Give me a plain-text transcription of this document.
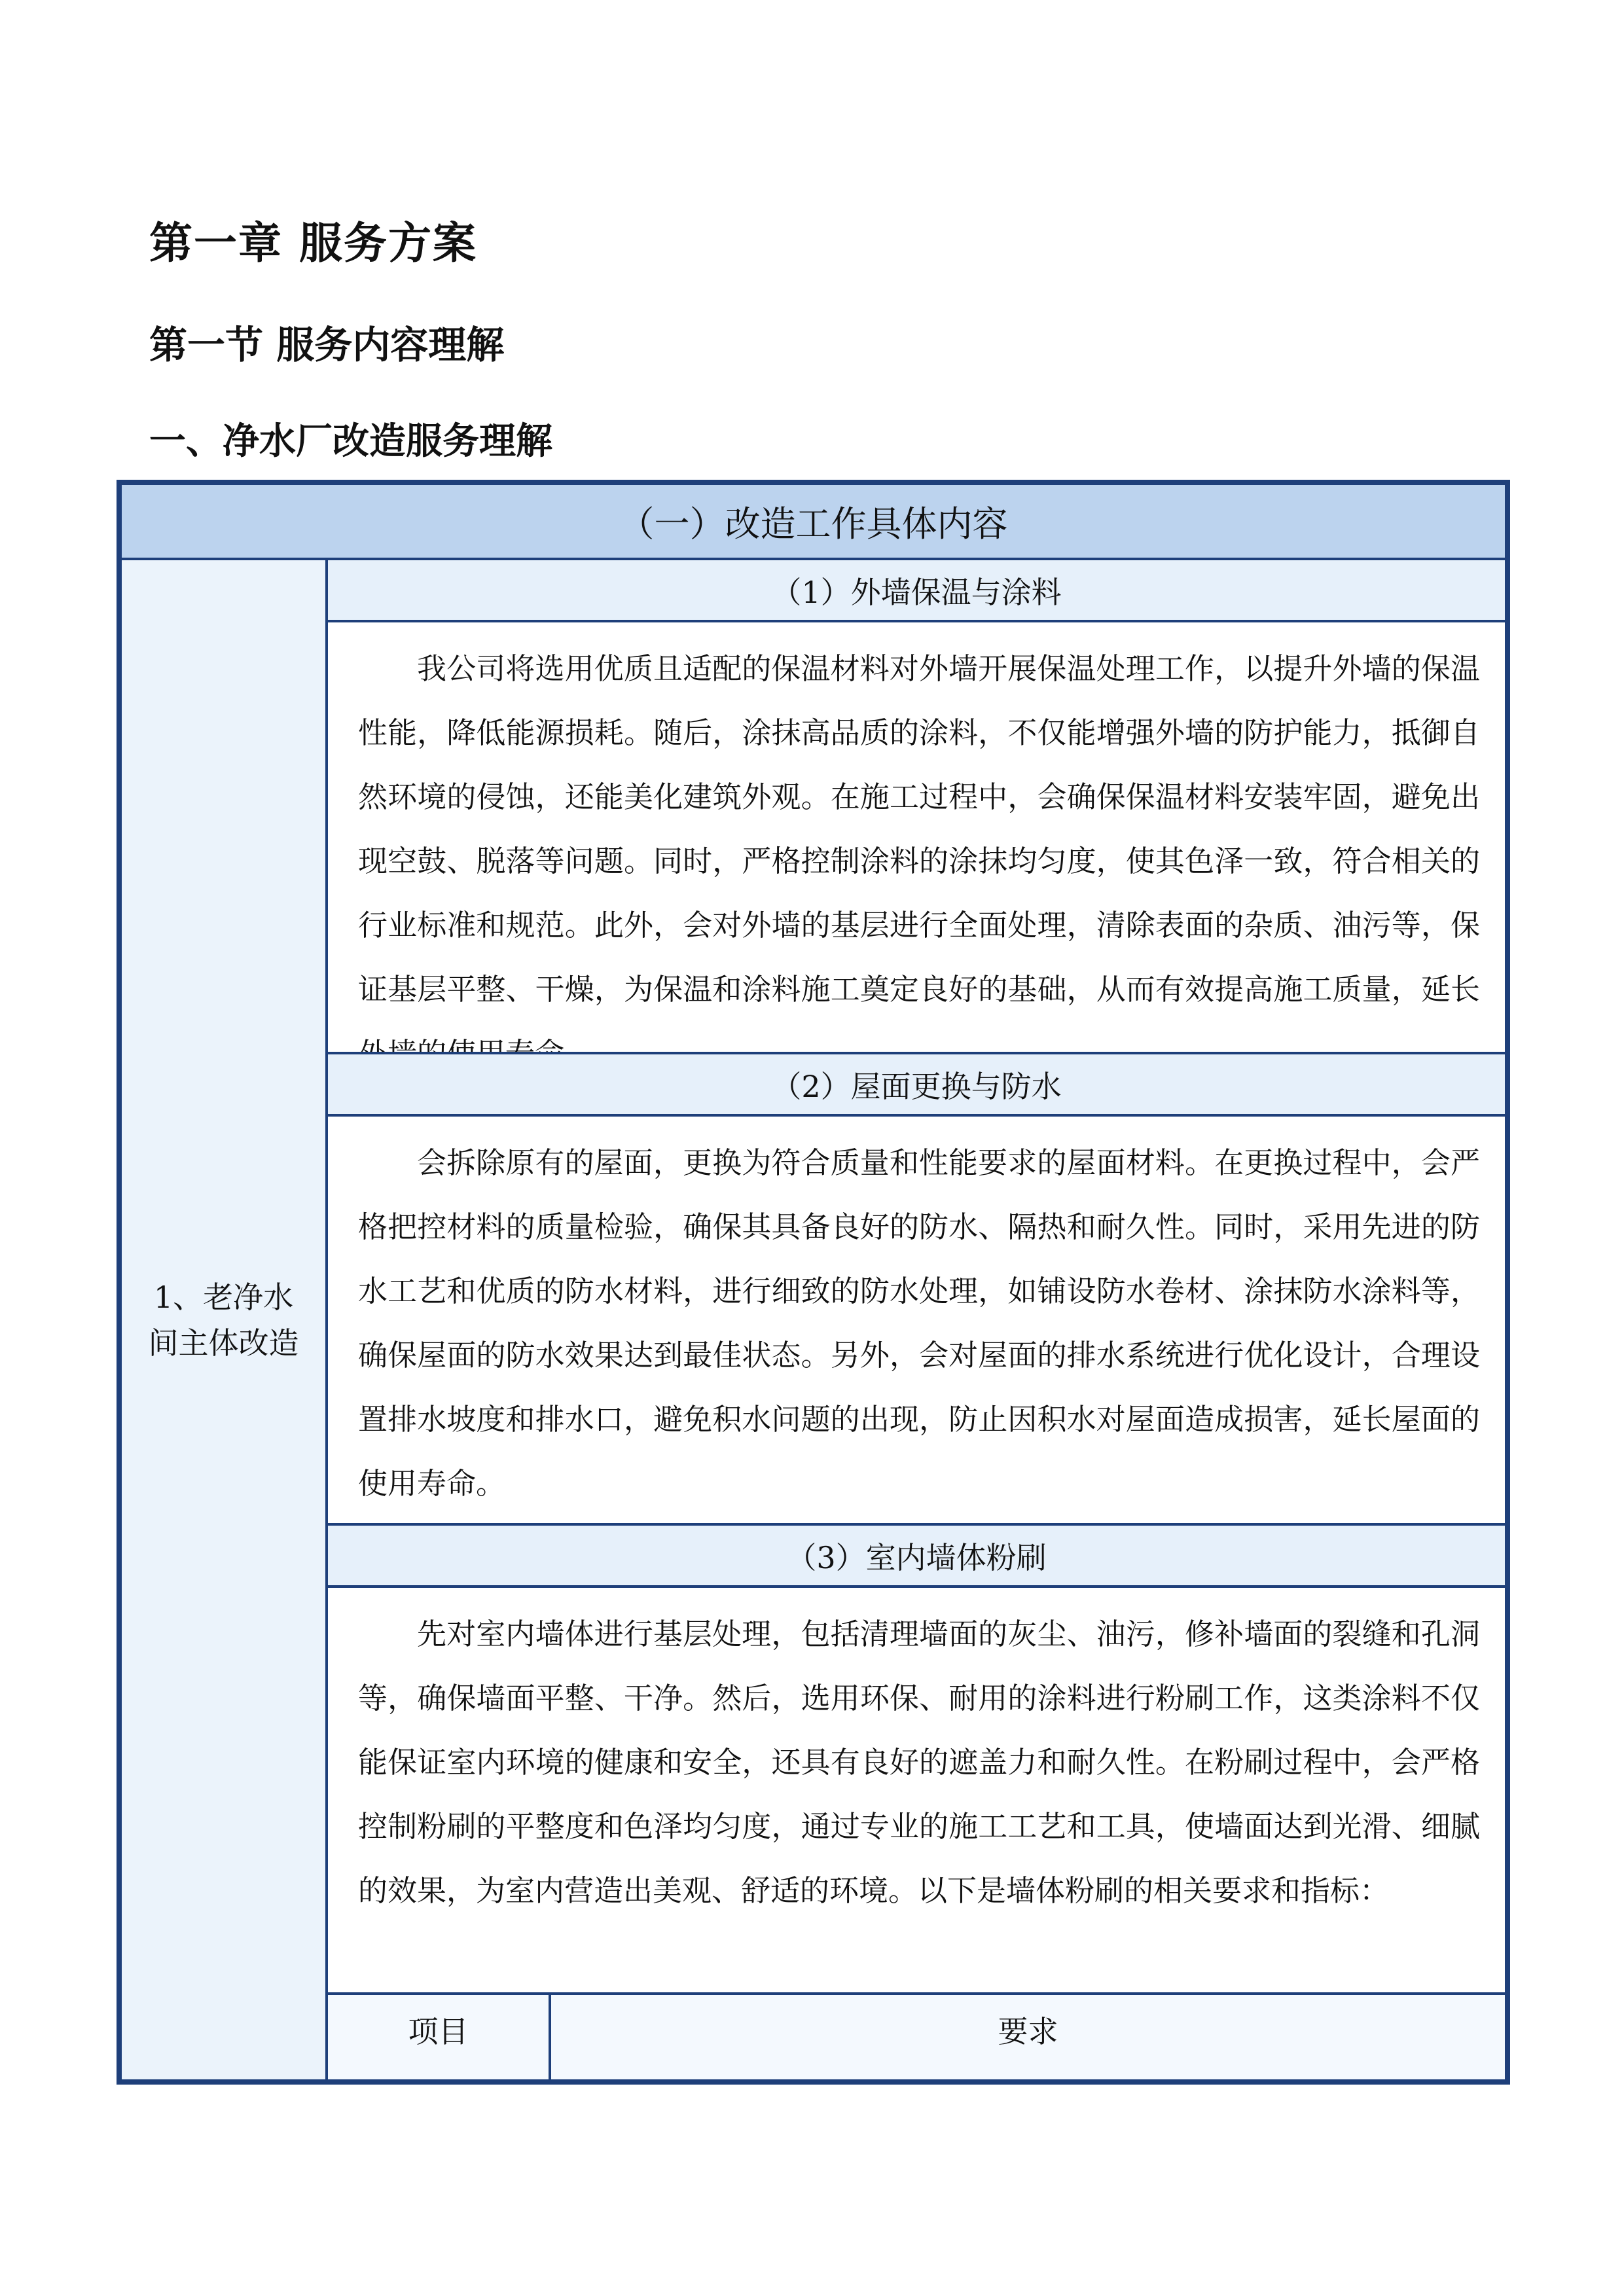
第一章 服务方案
第一节 服务内容理解
一、净水厂改造服务理解
（一）改造工作具体内容
1、老净水间主体改造
（1）外墙保温与涂料
我公司将选用优质且适配的保温材料对外墙开展保温处理工作，以提升外墙的保温性能，降低能源损耗。随后，涂抹高品质的涂料，不仅能增强外墙的防护能力，抵御自然环境的侵蚀，还能美化建筑外观。在施工过程中，会确保保温材料安装牢固，避免出现空鼓、脱落等问题。同时，严格控制涂料的涂抹均匀度，使其色泽一致，符合相关的行业标准和规范。此外，会对外墙的基层进行全面处理，清除表面的杂质、油污等，保证基层平整、干燥，为保温和涂料施工奠定良好的基础，从而有效提高施工质量，延长
（2）屋面更换与防水
会拆除原有的屋面，更换为符合质量和性能要求的屋面材料。在更换过程中，会严格把控材料的质量检验，确保其具备良好的防水、隔热和耐久性。同时，采用先进的防水工艺和优质的防水材料，进行细致的防水处理，如铺设防水卷材、涂抹防水涂料等，确保屋面的防水效果达到最佳状态。另外，会对屋面的排水系统进行优化设计，合理设置排水坡度和排水口，避免积水问题的出现，防止因积水对屋面造成损害，延长屋面的使用寿命。
（3）室内墙体粉刷
先对室内墙体进行基层处理，包括清理墙面的灰尘、油污，修补墙面的裂缝和孔洞等，确保墙面平整、干净。然后，选用环保、耐用的涂料进行粉刷工作，这类涂料不仅能保证室内环境的健康和安全，还具有良好的遮盖力和耐久性。在粉刷过程中，会严格控制粉刷的平整度和色泽均匀度，通过专业的施工工艺和工具，使墙面达到光滑、细腻的效果，为室内营造出美观、舒适的环境。以下是墙体粉刷的相关要求和指标：
项目	要求
